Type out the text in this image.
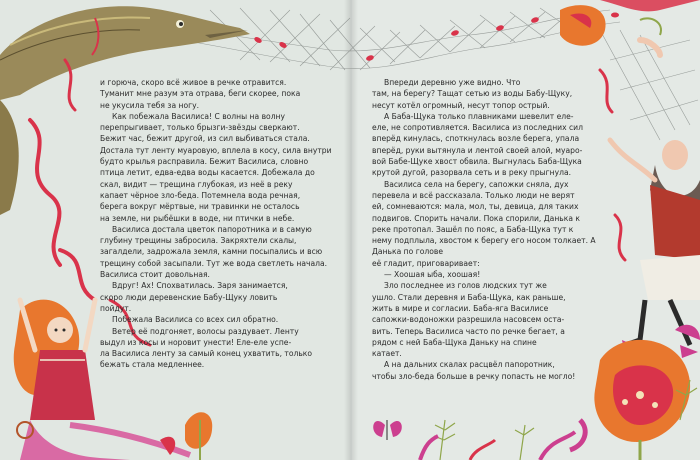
и горюча, скоро всё живое в речке отравится.

Туманит мне разум эта отрава, беги скорее, пока

не укусила тебя за ногу.

Как побежала Василиса! С волны на волну

перепрыгивает, только брызги-звёзды сверкают.

Бежит час, бежит другой, из сил выбиваться стала.

Достала тут ленту муаровую, вплела в косу, сила внутри

будто крылья расправила. Бежит Василиса, словно

птица летит, едва-едва воды касается. Добежала до

скал, видит — трещина глубокая, из неё в реку

капает чёрное зло-беда. Потемнела вода речная,

берега вокруг мёртвые, ни травинки не осталось

на земле, ни рыбёшки в воде, ни птички в небе.

Василиса достала цветок папоротника и в самую

глубину трещины забросила. Закряхтели скалы,

загалдели, задрожала земля, камни посыпались и всю

трещину собой засыпали. Тут же вода светлеть начала.

Василиса стоит довольная.

Вдруг! Ах! Спохватилась. Заря занимается,

скоро люди деревенские Бабу-Щуку ловить

пойдут.

Побежала Василиса со всех сил обратно.

Ветер её подгоняет, волосы раздувает. Ленту

выдул из косы и норовит унести! Еле-еле успе-

ла Василиса ленту за самый конец ухватить, только

бежать стала медленнее.

Впереди деревню уже видно. Что

там, на берегу? Тащат сетью из воды Бабу-Щуку,

несут котёл огромный, несут топор острый.

А Баба-Щука только плавниками шевелит еле-

еле, не сопротивляется. Василиса из последних сил

вперёд кинулась, споткнулась возле берега, упала

вперёд, руки вытянула и лентой своей алой, муаро-

вой Бабе-Щуке хвост обвила. Выгнулась Баба-Щука

крутой дугой, разорвала сеть и в реку прыгнула.

Василиса села на берегу, сапожки сняла, дух

перевела и всё рассказала. Только люди не верят

ей, сомневаются: мала, мол, ты, девица, для таких

подвигов. Спорить начали. Пока спорили, Данька к

реке протопал. Зашёл по пояс, а Баба-Щука тут к

нему подплыла, хвостом к берегу его носом толкает. А Данька по голове

её гладит, приговаривает:

— Хоошая ыба, хоошая!

Зло последнее из голов людских тут же

ушло. Стали деревня и Баба-Щука, как раньше,

жить в мире и согласии. Баба-яга Василисе

сапожки-водоножки разрешила насовсем оста-

вить. Теперь Василиса часто по речке бегает, а

рядом с ней Баба-Щука Даньку на спине

катает.

А на дальних скалах расцвёл папоротник,

чтобы зло-беда больше в речку попасть не могло!
